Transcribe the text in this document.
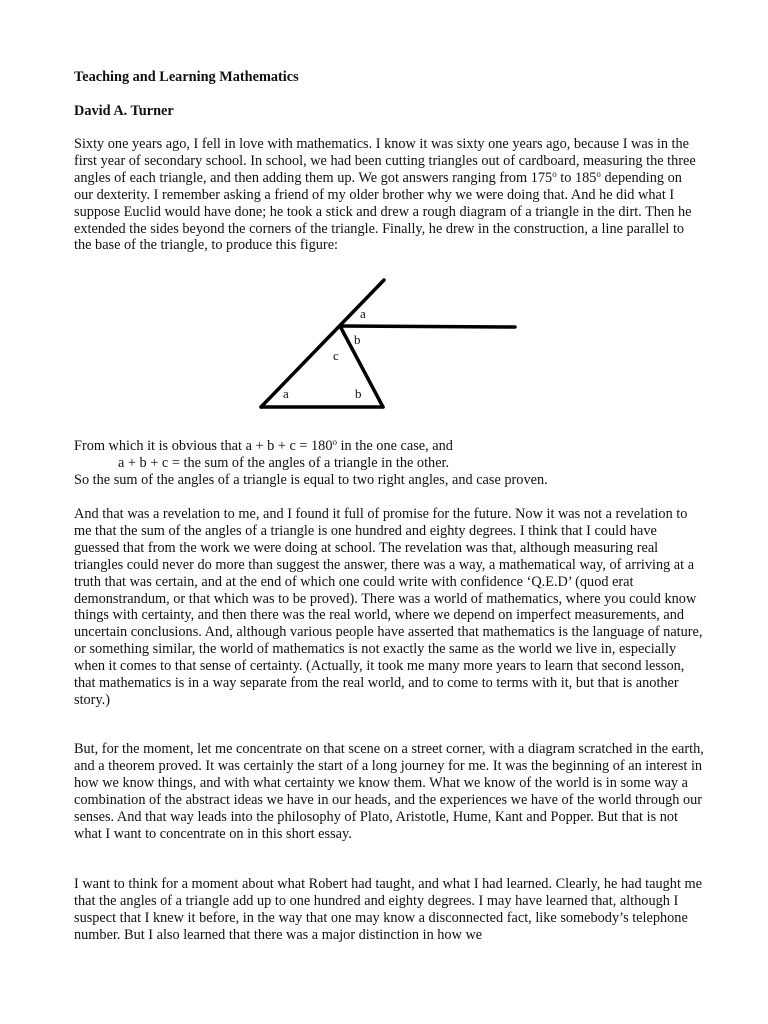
Teaching and Learning Mathematics
David A. Turner

Sixty one years ago, I fell in love with mathematics. I know it was sixty one years ago, because I was in the first year of secondary school. In school, we had been cutting triangles out of cardboard, measuring the three angles of each triangle, and then adding them up. We got answers ranging from 175$^o$ to 185$^o$ depending on our dexterity. I remember asking a friend of my older brother why we were doing that. And he did what I suppose Euclid would have done; he took a stick and drew a rough diagram of a triangle in the dirt. Then he extended the sides beyond the corners of the triangle. Finally, he drew in the construction, a line parallel to the base of the triangle, to produce this figure:

From which it is obvious that $a + b + c = 180^o$ in the one case, and

a + b + c = the sum of the angles of a triangle in the other.

So the sum of the angles of a triangle is equal to two right angles, and case proven.

And that was a revelation to me, and I found it full of promise for the future. Now it was not a revelation to me that the sum of the angles of a triangle is one hundred and eighty degrees. I think that I could have guessed that from the work we were doing at school. The revelation was that, although measuring real triangles could never do more than suggest the answer, there was a way, a mathematical way, of arriving at a truth that was certain, and at the end of which one could write with confidence ‘Q.E.D’ (quod erat demonstrandum, or that which was to be proved). There was a world of mathematics, where you could know things with certainty, and then there was the real world, where we depend on imperfect measurements, and uncertain conclusions. And, although various people have asserted that mathematics is the language of nature, or something similar, the world of mathematics is not exactly the same as the world we live in, especially when it comes to that sense of certainty. (Actually, it took me many more years to learn that second lesson, that mathematics is in a way separate from the real world, and to come to terms with it, but that is another story.)

But, for the moment, let me concentrate on that scene on a street corner, with a diagram scratched in the earth, and a theorem proved. It was certainly the start of a long journey for me. It was the beginning of an interest in how we know things, and with what certainty we know them. What we know of the world is in some way a combination of the abstract ideas we have in our heads, and the experiences we have of the world through our senses. And that way leads into the philosophy of Plato, Aristotle, Hume, Kant and Popper. But that is not what I want to concentrate on in this short essay.

I want to think for a moment about what Robert had taught, and what I had learned. Clearly, he had taught me that the angles of a triangle add up to one hundred and eighty degrees. I may have learned that, although I suspect that I knew it before, in the way that one may know a disconnected fact, like somebody’s telephone number. But I also learned that there was a major distinction in how we

a
b
c
a	b
